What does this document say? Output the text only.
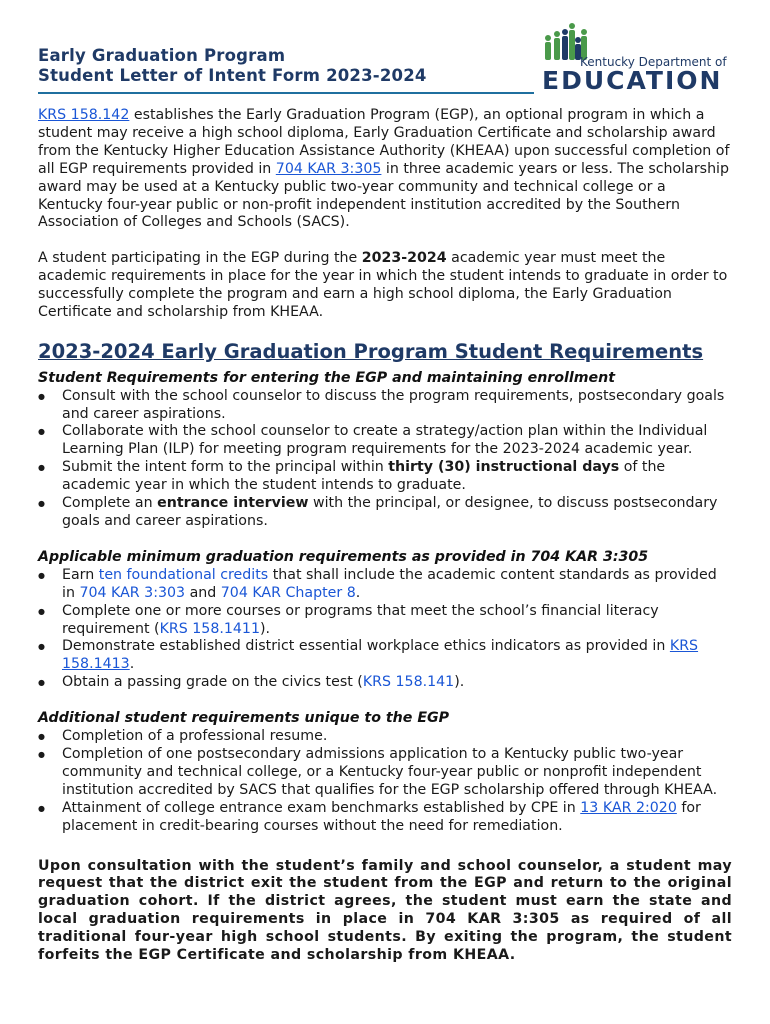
Early Graduation Program
Student Letter of Intent Form 2023-2024
Kentucky Department of
EDUCATION

KRS 158.142 establishes the Early Graduation Program (EGP), an optional program in which a student may receive a high school diploma, Early Graduation Certificate and scholarship award from the Kentucky Higher Education Assistance Authority (KHEAA) upon successful completion of all EGP requirements provided in 704 KAR 3:305 in three academic years or less. The scholarship award may be used at a Kentucky public two-year community and technical college or a Kentucky four-year public or non-profit independent institution accredited by the Southern Association of Colleges and Schools (SACS).

A student participating in the EGP during the 2023-2024 academic year must meet the academic requirements in place for the year in which the student intends to graduate in order to successfully complete the program and earn a high school diploma, the Early Graduation Certificate and scholarship from KHEAA.

2023-2024 Early Graduation Program Student Requirements

Student Requirements for entering the EGP and maintaining enrollment

● Consult with the school counselor to discuss the program requirements, postsecondary goals and career aspirations.
● Collaborate with the school counselor to create a strategy/action plan within the Individual Learning Plan (ILP) for meeting program requirements for the 2023-2024 academic year.
● Submit the intent form to the principal within thirty (30) instructional days of the academic year in which the student intends to graduate.
● Complete an entrance interview with the principal, or designee, to discuss postsecondary goals and career aspirations.

Applicable minimum graduation requirements as provided in 704 KAR 3:305

● Earn ten foundational credits that shall include the academic content standards as provided in 704 KAR 3:303 and 704 KAR Chapter 8.
● Complete one or more courses or programs that meet the school’s financial literacy requirement (KRS 158.1411).
● Demonstrate established district essential workplace ethics indicators as provided in KRS 158.1413.
● Obtain a passing grade on the civics test (KRS 158.141).

Additional student requirements unique to the EGP

● Completion of a professional resume.
● Completion of one postsecondary admissions application to a Kentucky public two-year community and technical college, or a Kentucky four-year public or nonprofit independent institution accredited by SACS that qualifies for the EGP scholarship offered through KHEAA.
● Attainment of college entrance exam benchmarks established by CPE in 13 KAR 2:020 for placement in credit-bearing courses without the need for remediation.

Upon consultation with the student’s family and school counselor, a student may request that the district exit the student from the EGP and return to the original graduation cohort. If the district agrees, the student must earn the state and local graduation requirements in place in 704 KAR 3:305 as required of all traditional four-year high school students. By exiting the program, the student forfeits the EGP Certificate and scholarship from KHEAA.
